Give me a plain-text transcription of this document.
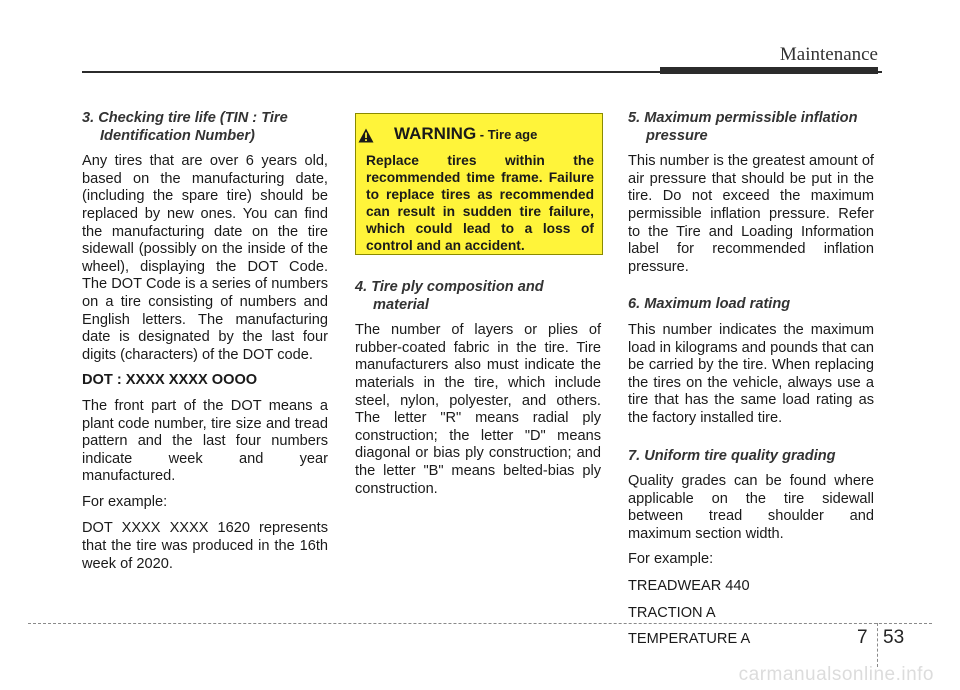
Maintenance
3. Checking tire life (TIN : Tire Identification Number)
Any tires that are over 6 years old, based on the manufacturing date, (including the spare tire) should be replaced by new ones. You can find the manufacturing date on the tire sidewall (possibly on the inside of the wheel), displaying the DOT Code. The DOT Code is a series of numbers on a tire consisting of numbers and English letters. The manufacturing date is designated by the last four digits (characters) of the DOT code.
DOT : XXXX XXXX OOOO
The front part of the DOT means a plant code number, tire size and tread pattern and the last four numbers indicate week and year manufactured.
For example:
DOT XXXX XXXX 1620 represents that the tire was produced in the 16th week of 2020.
WARNING - Tire age
Replace tires within the recommended time frame. Failure to replace tires as recommended can result in sudden tire failure, which could lead to a loss of control and an accident.
4. Tire ply composition and material
The number of layers or plies of rubber-coated fabric in the tire. Tire manufacturers also must indicate the materials in the tire, which include steel, nylon, polyester, and others. The letter "R" means radial ply construction; the letter "D" means diagonal or bias ply construction; and the letter "B" means belted-bias ply construction.
5. Maximum permissible inflation pressure
This number is the greatest amount of air pressure that should be put in the tire. Do not exceed the maximum permissible inflation pressure. Refer to the Tire and Loading Information label for recommended inflation pressure.
6. Maximum load rating
This number indicates the maximum load in kilograms and pounds that can be carried by the tire. When replacing the tires on the vehicle, always use a tire that has the same load rating as the factory installed tire.
7. Uniform tire quality grading
Quality grades can be found where applicable on the tire sidewall between tread shoulder and maximum section width.
For example:
TREADWEAR 440
TRACTION A
TEMPERATURE A	7 53
carmanualsonline.info
